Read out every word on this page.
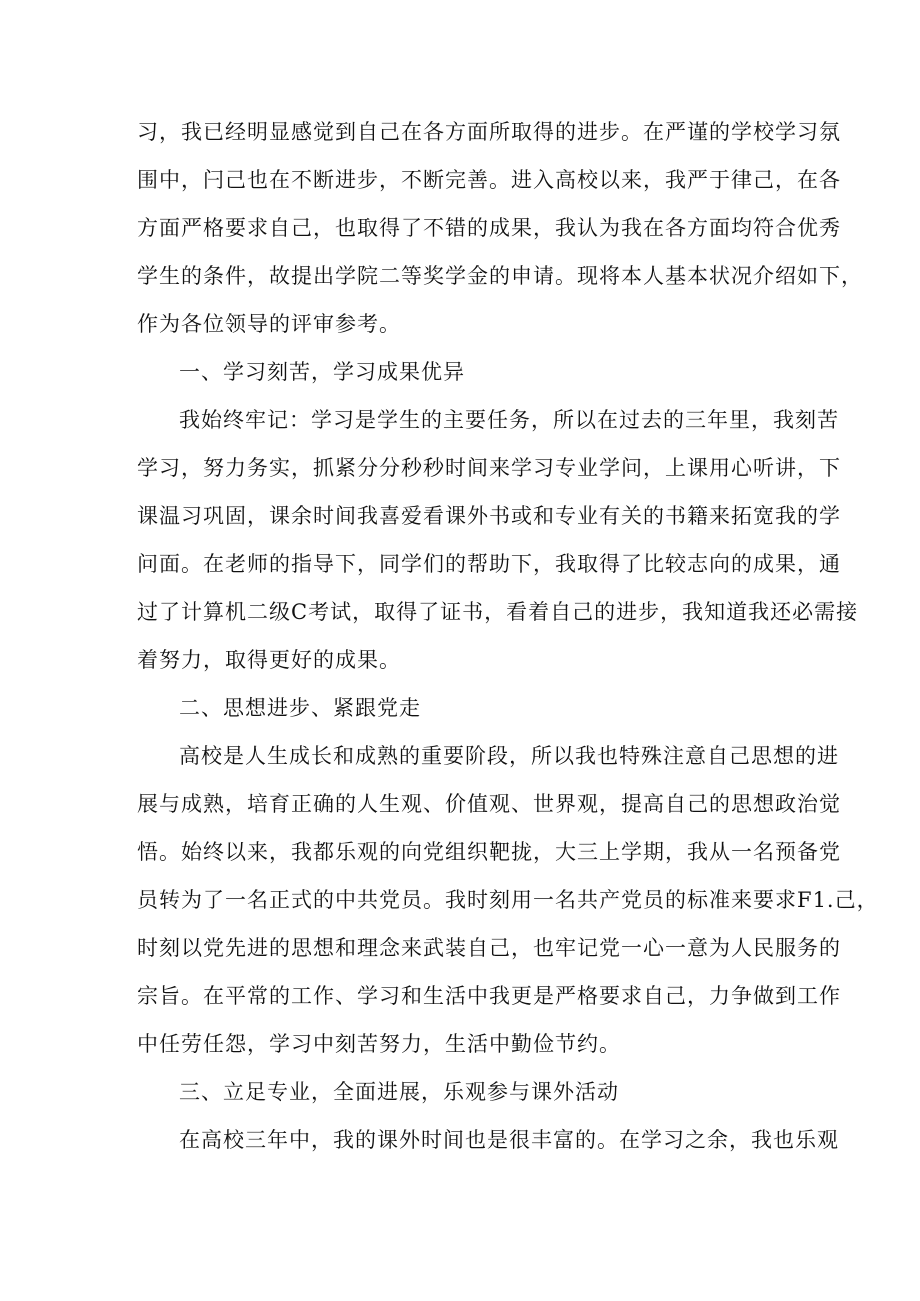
习，我已经明显感觉到自己在各方面所取得的进步。在严谨的学校学习氛
围中，闩己也在不断进步，不断完善。进入高校以来，我严于律己，在各
方面严格要求自己，也取得了不错的成果，我认为我在各方面均符合优秀
学生的条件，故提出学院二等奖学金的申请。现将本人基本状况介绍如下，
作为各位领导的评审参考。
一、学习刻苦，学习成果优异
我始终牢记：学习是学生的主要任务，所以在过去的三年里，我刻苦
学习，努力务实，抓紧分分秒秒时间来学习专业学问，上课用心听讲，下
课温习巩固，课余时间我喜爱看课外书或和专业有关的书籍来拓宽我的学
问面。在老师的指导下，同学们的帮助下，我取得了比较志向的成果，通
过了计算机二级C考试，取得了证书，看着自己的进步，我知道我还必需接
着努力，取得更好的成果。
二、思想进步、紧跟党走
高校是人生成长和成熟的重要阶段，所以我也特殊注意自己思想的进
展与成熟，培育正确的人生观、价值观、世界观，提高自己的思想政治觉
悟。始终以来，我都乐观的向党组织靶拢，大三上学期，我从一名预备党
员转为了一名正式的中共党员。我时刻用一名共产党员的标准来要求F1.己，
时刻以党先进的思想和理念来武装自己，也牢记党一心一意为人民服务的
宗旨。在平常的工作、学习和生活中我更是严格要求自己，力争做到工作
中任劳任怨，学习中刻苦努力，生活中勤俭节约。
三、立足专业，全面进展，乐观参与课外活动
在高校三年中，我的课外时间也是很丰富的。在学习之余，我也乐观
